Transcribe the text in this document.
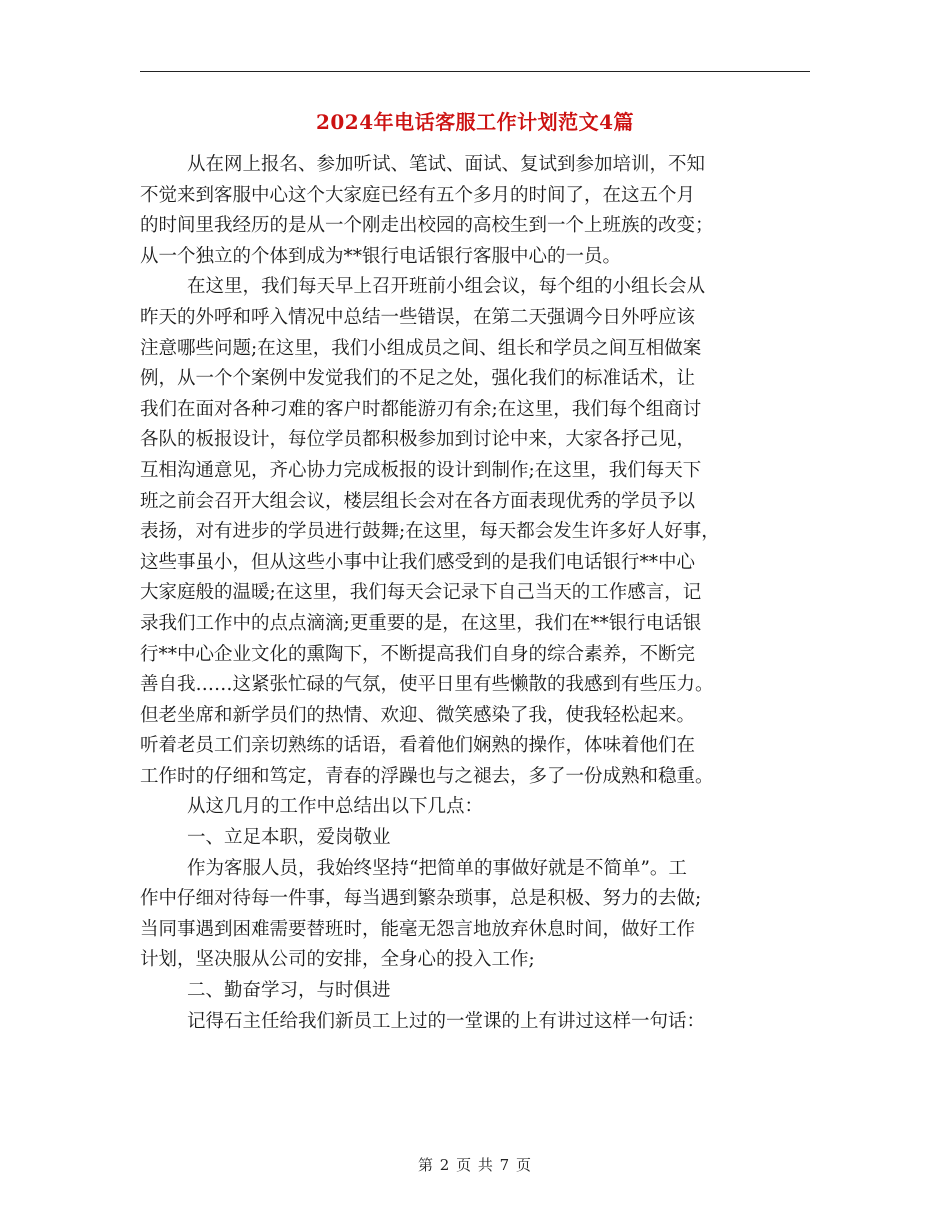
2024年电话客服工作计划范文4篇
从在网上报名、参加听试、笔试、面试、复试到参加培训，不知
不觉来到客服中心这个大家庭已经有五个多月的时间了，在这五个月
的时间里我经历的是从一个刚走出校园的高校生到一个上班族的改变；
从一个独立的个体到成为**银行电话银行客服中心的一员。
在这里，我们每天早上召开班前小组会议，每个组的小组长会从
昨天的外呼和呼入情况中总结一些错误，在第二天强调今日外呼应该
注意哪些问题;在这里，我们小组成员之间、组长和学员之间互相做案
例，从一个个案例中发觉我们的不足之处，强化我们的标准话术，让
我们在面对各种刁难的客户时都能游刃有余;在这里，我们每个组商讨
各队的板报设计，每位学员都积极参加到讨论中来，大家各抒己见，
互相沟通意见，齐心协力完成板报的设计到制作;在这里，我们每天下
班之前会召开大组会议，楼层组长会对在各方面表现优秀的学员予以
表扬，对有进步的学员进行鼓舞;在这里，每天都会发生许多好人好事，
这些事虽小，但从这些小事中让我们感受到的是我们电话银行**中心
大家庭般的温暖;在这里，我们每天会记录下自己当天的工作感言，记
录我们工作中的点点滴滴;更重要的是，在这里，我们在**银行电话银
行**中心企业文化的熏陶下，不断提高我们自身的综合素养，不断完
善自我……这紧张忙碌的气氛，使平日里有些懒散的我感到有些压力。
但老坐席和新学员们的热情、欢迎、微笑感染了我，使我轻松起来。
听着老员工们亲切熟练的话语，看着他们娴熟的操作，体味着他们在
工作时的仔细和笃定，青春的浮躁也与之褪去，多了一份成熟和稳重。
从这几月的工作中总结出以下几点：
一、立足本职，爱岗敬业
作为客服人员，我始终坚持“把简单的事做好就是不简单”。工
作中仔细对待每一件事，每当遇到繁杂琐事，总是积极、努力的去做;
当同事遇到困难需要替班时，能毫无怨言地放弃休息时间，做好工作
计划，坚决服从公司的安排，全身心的投入工作;
二、勤奋学习，与时俱进
记得石主任给我们新员工上过的一堂课的上有讲过这样一句话：
第 2 页 共 7 页
